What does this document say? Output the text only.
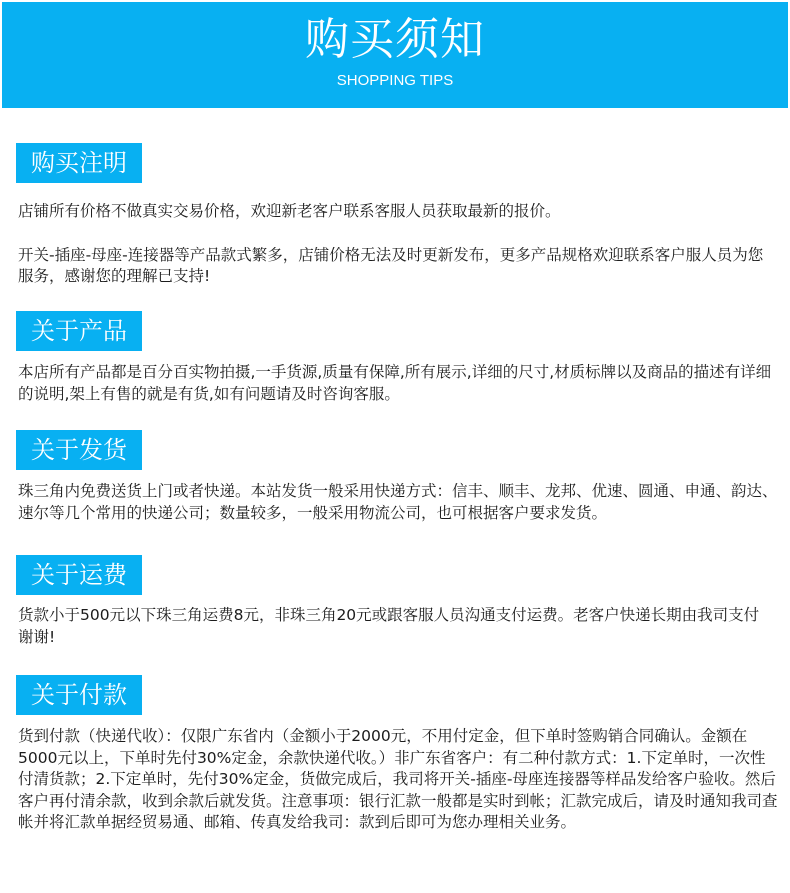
购买须知
SHOPPING TIPS
购买注明

店铺所有价格不做真实交易价格，欢迎新老客户联系客服人员获取最新的报价。

开关-插座-母座-连接器等产品款式繁多，店铺价格无法及时更新发布，更多产品规格欢迎联系客户服人员为您服务，感谢您的理解已支持!

关于产品

本店所有产品都是百分百实物拍摄,一手货源,质量有保障,所有展示,详细的尺寸,材质标牌以及商品的描述有详细的说明,架上有售的就是有货,如有问题请及时咨询客服。

关于发货

珠三角内免费送货上门或者快递。本站发货一般采用快递方式：信丰、顺丰、龙邦、优速、圆通、申通、韵达、速尔等几个常用的快递公司；数量较多，一般采用物流公司，也可根据客户要求发货。

关于运费

货款小于500元以下珠三角运费8元，非珠三角20元或跟客服人员沟通支付运费。老客户快递长期由我司支付 谢谢!

关于付款

货到付款（快递代收）：仅限广东省内（金额小于2000元，不用付定金，但下单时签购销合同确认。金额在5000元以上，下单时先付30%定金，余款快递代收。）非广东省客户：有二种付款方式：1.下定单时，一次性付清货款；2.下定单时，先付30%定金，货做完成后，我司将开关-插座-母座连接器等样品发给客户验收。然后客户再付清余款，收到余款后就发货。注意事项：银行汇款一般都是实时到帐；汇款完成后，请及时通知我司查帐并将汇款单据经贸易通、邮箱、传真发给我司：款到后即可为您办理相关业务。
